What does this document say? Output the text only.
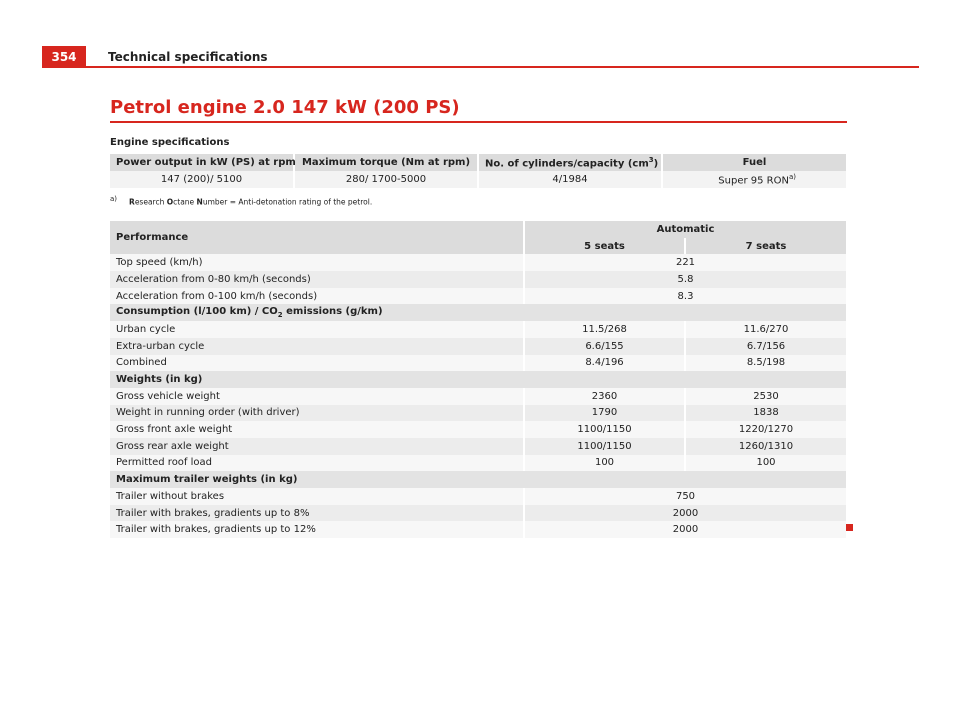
354	Technical specifications
Petrol engine 2.0 147 kW (200 PS)
Engine specifications
Power output in kW (PS) at rpm	Maximum torque (Nm at rpm)	No. of cylinders/capacity $(cm^3)$	Fuel
147 (200)/ 5100	280/ 1700-5000	4/1984	Super 95 RON$^{a)}$
$^{a)}$ Research Octane Number = Anti-detonation rating of the petrol.
Performance	Automatic	
	5 seats	7 seats
Top speed (km/h)	221	
Acceleration from 0-80 km/h (seconds)	5.8	
Acceleration from 0-100 km/h (seconds)	8.3	
Consumption (l/100 $km) / CO_2$ emissions (g/km)		
Urban cycle	11.5/268	11.6/270
Extra-urban cycle	6.6/155	6.7/156
Combined	8.4/196	8.5/198
Weights (in kg)		
Gross vehicle weight	2360	2530
Weight in running order (with driver)	1790	1838
Gross front axle weight	1100/1150	1220/1270
Gross rear axle weight	1100/1150	1260/1310
Permitted roof load	100	100
Maximum trailer weights (in kg)		
Trailer without brakes	750	
Trailer with brakes, gradients up to 8%	2000	
Trailer with brakes, gradients up to 12%	2000	
